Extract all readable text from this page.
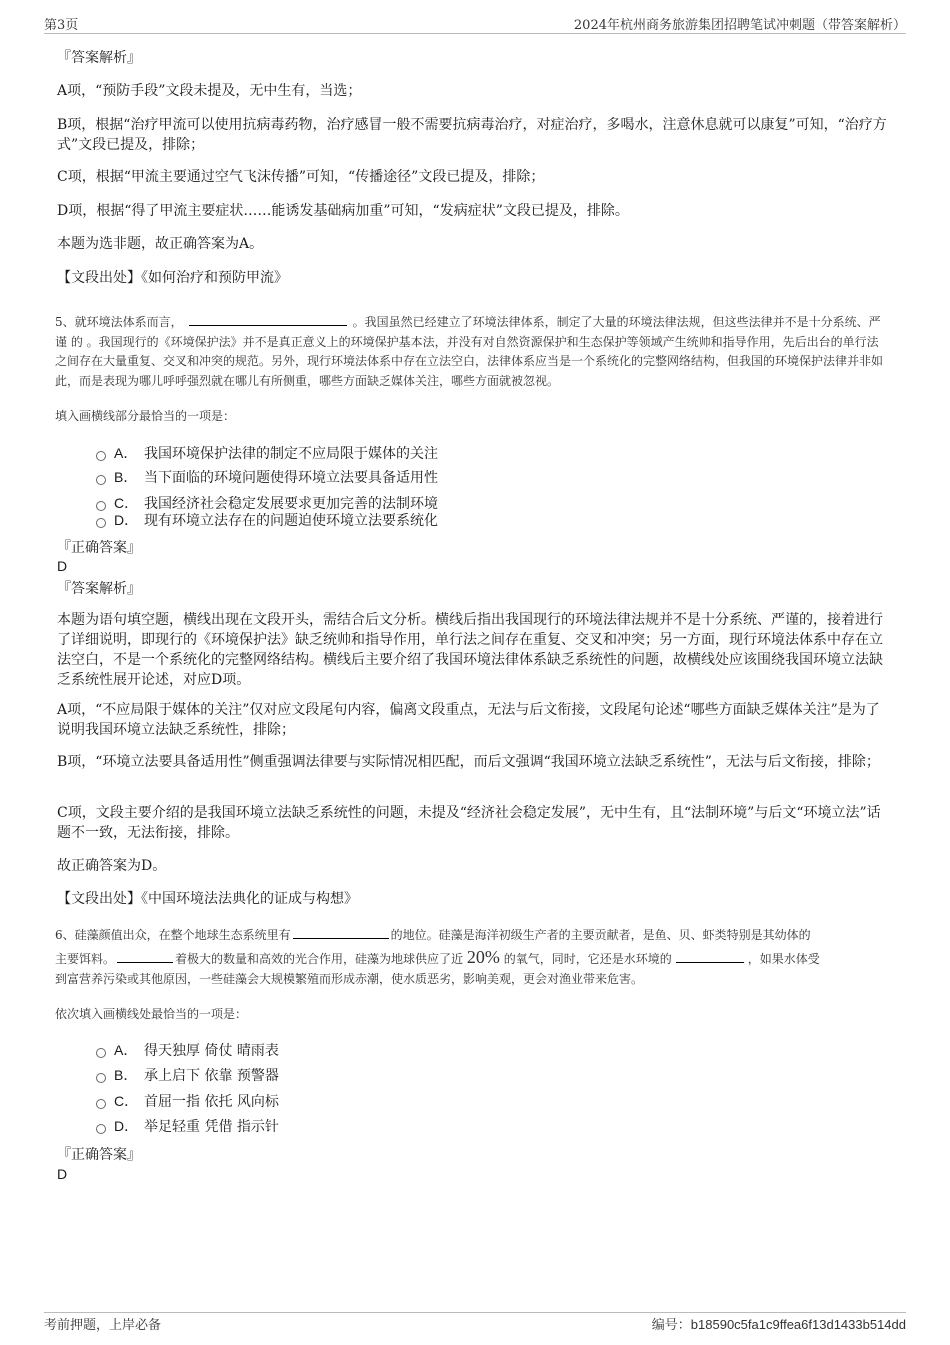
第3页	2024年杭州商务旅游集团招聘笔试冲刺题（带答案解析）
『答案解析』
A项，“预防手段”文段未提及，无中生有，当选；
B项，根据“治疗甲流可以使用抗病毒药物，治疗感冒一般不需要抗病毒治疗，对症治疗，多喝水，注意休息就可以康复”可知，“治疗方式”文段已提及，排除；
C项，根据“甲流主要通过空气飞沫传播”可知，“传播途径”文段已提及，排除；
D项，根据“得了甲流主要症状……能诱发基础病加重”可知，“发病症状”文段已提及，排除。
本题为选非题，故正确答案为A。
【文段出处】《如何治疗和预防甲流》
5、就环境法体系而言，	。我国虽然已经建立了环境法律体系，制定了大量的环境法律法规，但这些法律并不是十分系统、严谨 的 。我国现行的《环境保护法》并不是真正意义上的环境保护基本法，并没有对自然资源保护和生态保护等领域产生统帅和指导作用，先后出台的单行法之间存在大量重复、交叉和冲突的规范。另外，现行环境法体系中存在立法空白，法律体系应当是一个系统化的完整网络结构，但我国的环境保护法律并非如此，而是表现为哪儿呼呼强烈就在哪儿有所侧重，哪些方面缺乏媒体关注，哪些方面就被忽视。
填入画横线部分最恰当的一项是：
A． 我国环境保护法律的制定不应局限于媒体的关注
B． 当下面临的环境问题使得环境立法要具备适用性
C． 我国经济社会稳定发展要求更加完善的法制环境
D． 现有环境立法存在的问题迫使环境立法要系统化
『正确答案』
D
『答案解析』
本题为语句填空题，横线出现在文段开头，需结合后文分析。横线后指出我国现行的环境法律法规并不是十分系统、严谨的，接着进行了详细说明，即现行的《环境保护法》缺乏统帅和指导作用，单行法之间存在重复、交叉和冲突；另一方面，现行环境法体系中存在立法空白，不是一个系统化的完整网络结构。横线后主要介绍了我国环境法律体系缺乏系统性的问题，故横线处应该围绕我国环境立法缺乏系统性展开论述，对应D项。
A项，“不应局限于媒体的关注”仅对应文段尾句内容，偏离文段重点，无法与后文衔接，文段尾句论述“哪些方面缺乏媒体关注”是为了说明我国环境立法缺乏系统性，排除；
B项，“环境立法要具备适用性”侧重强调法律要与实际情况相匹配，而后文强调“我国环境立法缺乏系统性”，无法与后文衔接，排除；
C项，文段主要介绍的是我国环境立法缺乏系统性的问题，未提及“经济社会稳定发展”，无中生有，且“法制环境”与后文“环境立法”话题不一致，无法衔接，排除。
故正确答案为D。
【文段出处】《中国环境法法典化的证成与构想》
6、硅藻颜值出众，在整个地球生态系统里有	的地位。硅藻是海洋初级生产者的主要贡献者，是鱼、贝、虾类特别是其幼体的
主要饵料。	着极大的数量和高效的光合作用，硅藻为地球供应了近 20% 的氧气，同时，它还是水环境的	，如果水体受
到富营养污染或其他原因，一些硅藻会大规模繁殖而形成赤潮，使水质恶劣，影响美观，更会对渔业带来危害。
依次填入画横线处最恰当的一项是：
A． 得天独厚 倚仗 晴雨表
B． 承上启下 依靠 预警器
C． 首屈一指 依托 风向标
D． 举足轻重 凭借 指示针
『正确答案』
D
考前押题，上岸必备	编号：b18590c5fa1c9ffea6f13d1433b514dd
